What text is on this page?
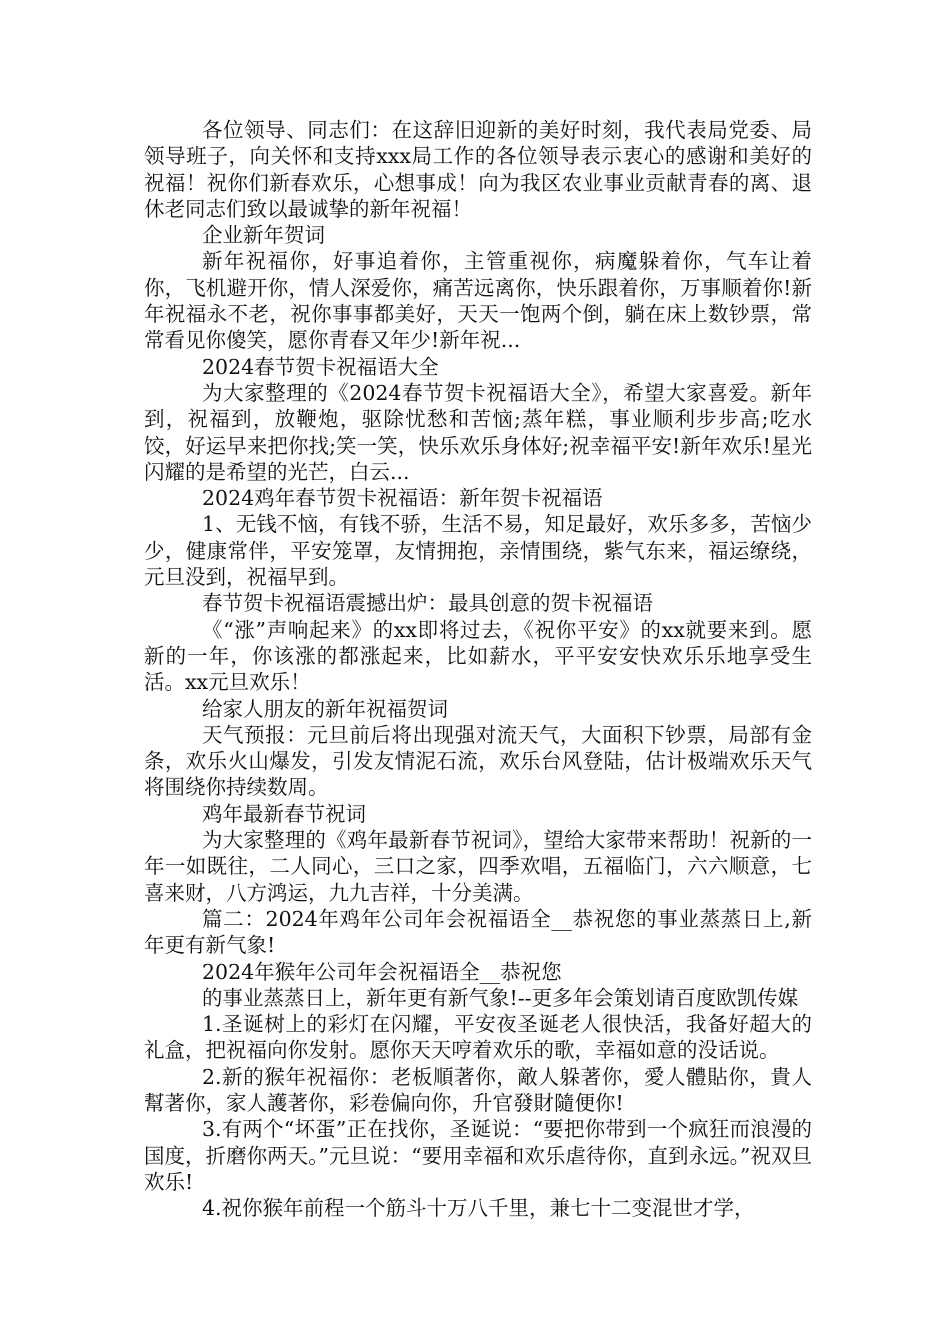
各位领导、同志们：在这辞旧迎新的美好时刻，我代表局党委、局领导班子，向关怀和支持xxx局工作的各位领导表示衷心的感谢和美好的祝福！祝你们新春欢乐，心想事成！向为我区农业事业贡献青春的离、退休老同志们致以最诚挚的新年祝福！

企业新年贺词

新年祝福你，好事追着你，主管重视你，病魔躲着你，气车让着你，飞机避开你，情人深爱你，痛苦远离你，快乐跟着你，万事顺着你!新年祝福永不老，祝你事事都美好，天天一饱两个倒，躺在床上数钞票，常常看见你傻笑，愿你青春又年少!新年祝...

2024春节贺卡祝福语大全

为大家整理的《2024春节贺卡祝福语大全》，希望大家喜爱。新年到，祝福到，放鞭炮，驱除忧愁和苦恼;蒸年糕，事业顺利步步高;吃水饺，好运早来把你找;笑一笑，快乐欢乐身体好;祝幸福平安!新年欢乐!星光闪耀的是希望的光芒，白云...

2024鸡年春节贺卡祝福语：新年贺卡祝福语

1、无钱不恼，有钱不骄，生活不易，知足最好，欢乐多多，苦恼少少，健康常伴，平安笼罩，友情拥抱，亲情围绕，紫气东来，福运缭绕，元旦没到，祝福早到。

春节贺卡祝福语震撼出炉：最具创意的贺卡祝福语

《“涨”声响起来》的xx即将过去，《祝你平安》的xx就要来到。愿新的一年，你该涨的都涨起来，比如薪水，平平安安快欢乐乐地享受生活。xx元旦欢乐！

给家人朋友的新年祝福贺词

天气预报：元旦前后将出现强对流天气，大面积下钞票，局部有金条，欢乐火山爆发，引发友情泥石流，欢乐台风登陆，估计极端欢乐天气将围绕你持续数周。

鸡年最新春节祝词

为大家整理的《鸡年最新春节祝词》，望给大家带来帮助！祝新的一年一如既往，二人同心，三口之家，四季欢唱，五福临门，六六顺意，七喜来财，八方鸿运，九九吉祥，十分美满。

篇二：2024年鸡年公司年会祝福语全__恭祝您的事业蒸蒸日上,新年更有新气象!

2024年猴年公司年会祝福语全__恭祝您

的事业蒸蒸日上，新年更有新气象!--更多年会策划请百度欧凯传媒

1.圣诞树上的彩灯在闪耀，平安夜圣诞老人很快活，我备好超大的礼盒，把祝福向你发射。愿你天天哼着欢乐的歌，幸福如意的没话说。

2.新的猴年祝福你：老板順著你，敵人躲著你，愛人體貼你，貴人幫著你，家人護著你，彩卷偏向你，升官發財隨便你!

3.有两个“坏蛋”正在找你，圣诞说：“要把你带到一个疯狂而浪漫的国度，折磨你两天。”元旦说：“要用幸福和欢乐虐待你，直到永远。”祝双旦欢乐!

4.祝你猴年前程一个筋斗十万八千里，兼七十二变混世才学，
